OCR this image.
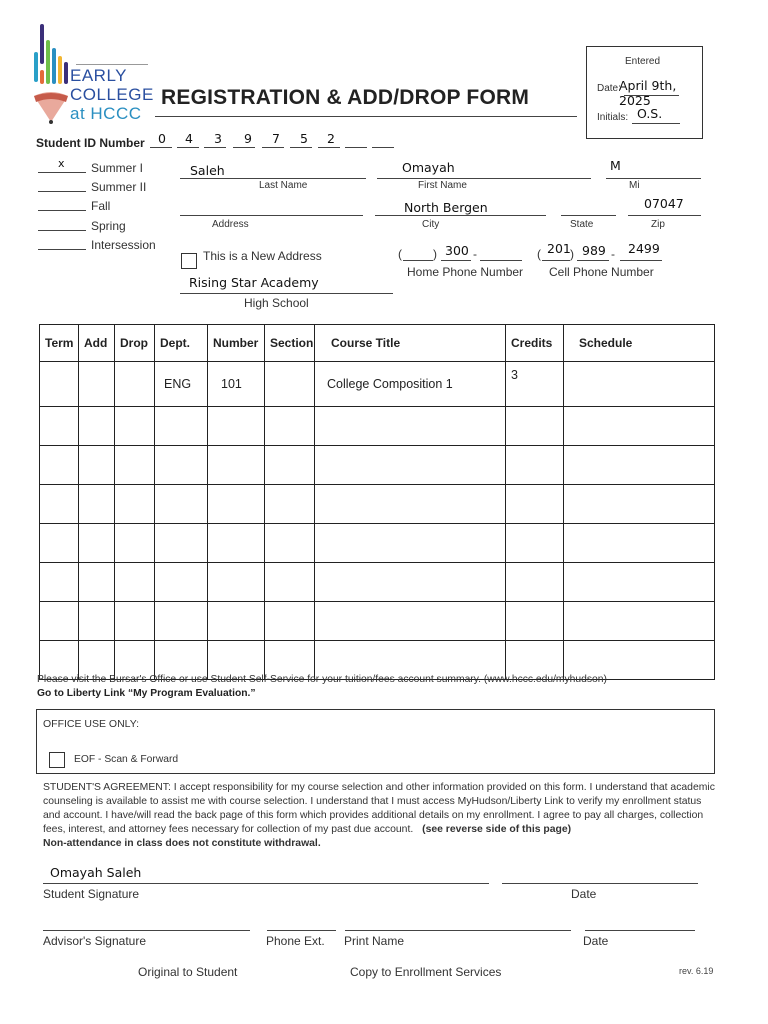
EARLY
COLLEGE
at HCCC
REGISTRATION & ADD/DROP FORM
Entered
Date:
April 9th, 2025
Initials: O.S.
Student ID Number 0 4 3 9 7 5 2
x Summer I
Summer II
Fall
Spring
Intersession
Saleh
Last Name
Omayah
First Name
M
Mi
Address
North Bergen
City	State
07047
Zip
This is a New Address	(	) 300 -
Home Phone Number
( 201 ) 989 - 2499
Cell Phone Number
Rising Star Academy
High School
Term	Add	Drop	Dept.	Number	Section	Course Title	Credits	Schedule
			ENG	101		College Composition 1	3	

Please visit the Bursar's Office or use Student Self-Service for your tuition/fees account summary. (www.hccc.edu/myhudson)
Go to Liberty Link “My Program Evaluation.”
OFFICE USE ONLY:
EOF - Scan & Forward
STUDENT'S AGREEMENT: I accept responsibility for my course selection and other information provided on this form. I understand that academic counseling is available to assist me with course selection. I understand that I must access MyHudson/Liberty Link to verify my enrollment status and account. I have/will read the back page of this form which provides additional details on my enrollment. I agree to pay all charges, collection fees, interest, and attorney fees necessary for collection of my past due account. (see reverse side of this page)
Non-attendance in class does not constitute withdrawal.
Omayah Saleh
Student Signature	Date
Advisor's Signature	Phone Ext. Print Name	Date
Original to Student	Copy to Enrollment Services	rev. 6.19
